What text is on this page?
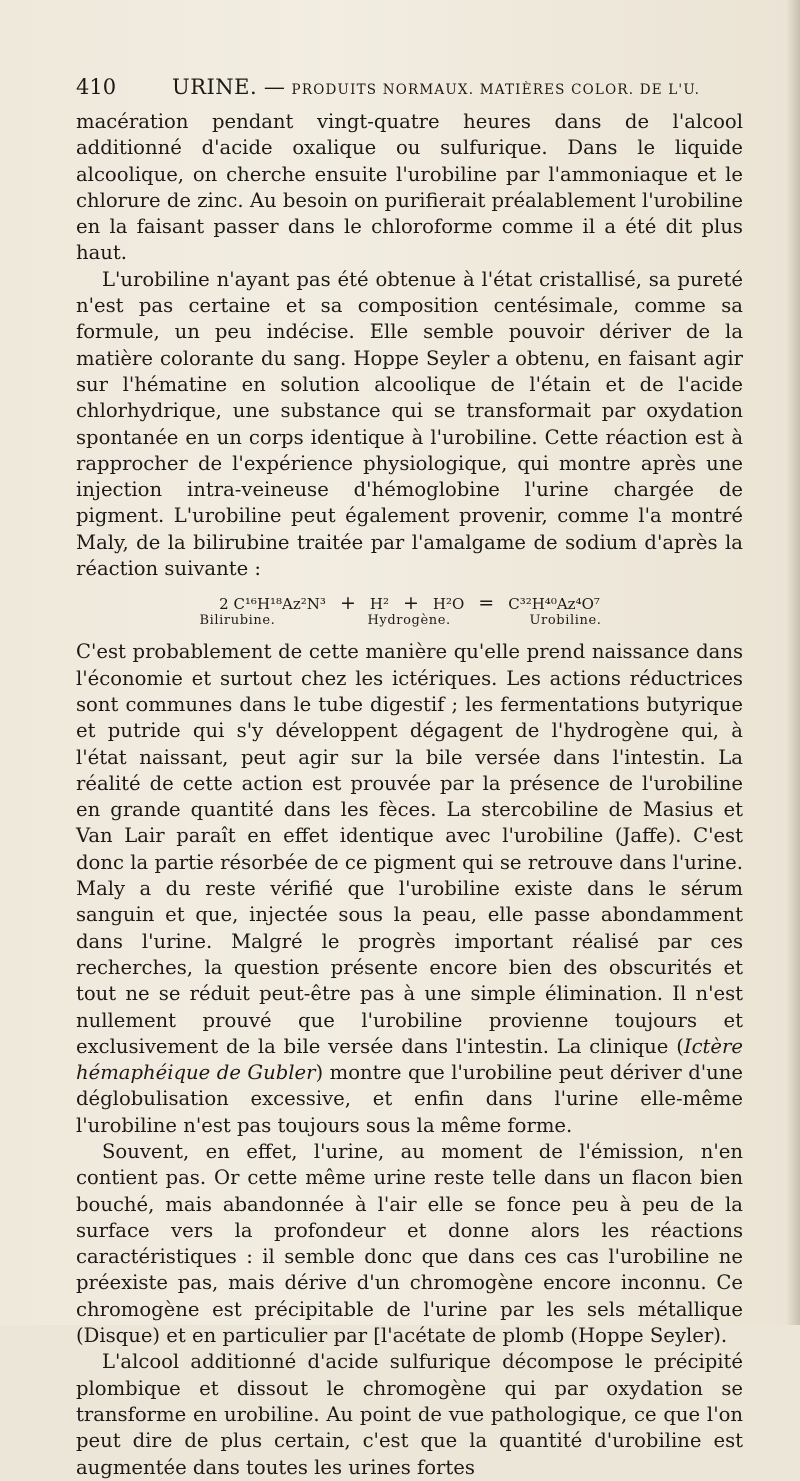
410	URINE. — PRODUITS NORMAUX. MATIÈRES COLOR. DE L'U.

macération pendant vingt-quatre heures dans de l'alcool additionné d'acide oxalique ou sulfurique. Dans le liquide alcoolique, on cherche ensuite l'urobiline par l'ammoniaque et le chlorure de zinc. Au besoin on purifierait préalablement l'urobiline en la faisant passer dans le chloroforme comme il a été dit plus haut.

L'urobiline n'ayant pas été obtenue à l'état cristallisé, sa pureté n'est pas certaine et sa composition centésimale, comme sa formule, un peu indécise. Elle semble pouvoir dériver de la matière colorante du sang. Hoppe Seyler a obtenu, en faisant agir sur l'hématine en solution alcoolique de l'étain et de l'acide chlorhydrique, une substance qui se transformait par oxydation spontanée en un corps identique à l'urobiline. Cette réaction est à rapprocher de l'expérience physiologique, qui montre après une injection intra-veineuse d'hémoglobine l'urine chargée de pigment. L'urobiline peut également provenir, comme l'a montré Maly, de la bilirubine traitée par l'amalgame de sodium d'après la réaction suivante :

2 C¹⁶H¹⁸Az²N³ + H² + H²O = C³²H⁴⁰Az⁴O⁷
Bilirubine.	Hydrogène.	Urobiline.

C'est probablement de cette manière qu'elle prend naissance dans l'économie et surtout chez les ictériques. Les actions réductrices sont communes dans le tube digestif ; les fermentations butyrique et putride qui s'y développent dégagent de l'hydrogène qui, à l'état naissant, peut agir sur la bile versée dans l'intestin. La réalité de cette action est prouvée par la présence de l'urobiline en grande quantité dans les fèces. La stercobiline de Masius et Van Lair paraît en effet identique avec l'urobiline (Jaffe). C'est donc la partie résorbée de ce pigment qui se retrouve dans l'urine. Maly a du reste vérifié que l'urobiline existe dans le sérum sanguin et que, injectée sous la peau, elle passe abondamment dans l'urine. Malgré le progrès important réalisé par ces recherches, la question présente encore bien des obscurités et tout ne se réduit peut-être pas à une simple élimination. Il n'est nullement prouvé que l'urobiline provienne toujours et exclusivement de la bile versée dans l'intestin. La clinique (Ictère hémaphéique de Gubler) montre que l'urobiline peut dériver d'une déglobulisation excessive, et enfin dans l'urine elle-même l'urobiline n'est pas toujours sous la même forme.

Souvent, en effet, l'urine, au moment de l'émission, n'en contient pas. Or cette même urine reste telle dans un flacon bien bouché, mais abandonnée à l'air elle se fonce peu à peu de la surface vers la profondeur et donne alors les réactions caractéristiques : il semble donc que dans ces cas l'urobiline ne préexiste pas, mais dérive d'un chromogène encore inconnu. Ce chromogène est précipitable de l'urine par les sels métallique (Disque) et en particulier par [l'acétate de plomb (Hoppe Seyler).

L'alcool additionné d'acide sulfurique décompose le précipité plombique et dissout le chromogène qui par oxydation se transforme en urobiline. Au point de vue pathologique, ce que l'on peut dire de plus certain, c'est que la quantité d'urobiline est augmentée dans toutes les urines fortes
